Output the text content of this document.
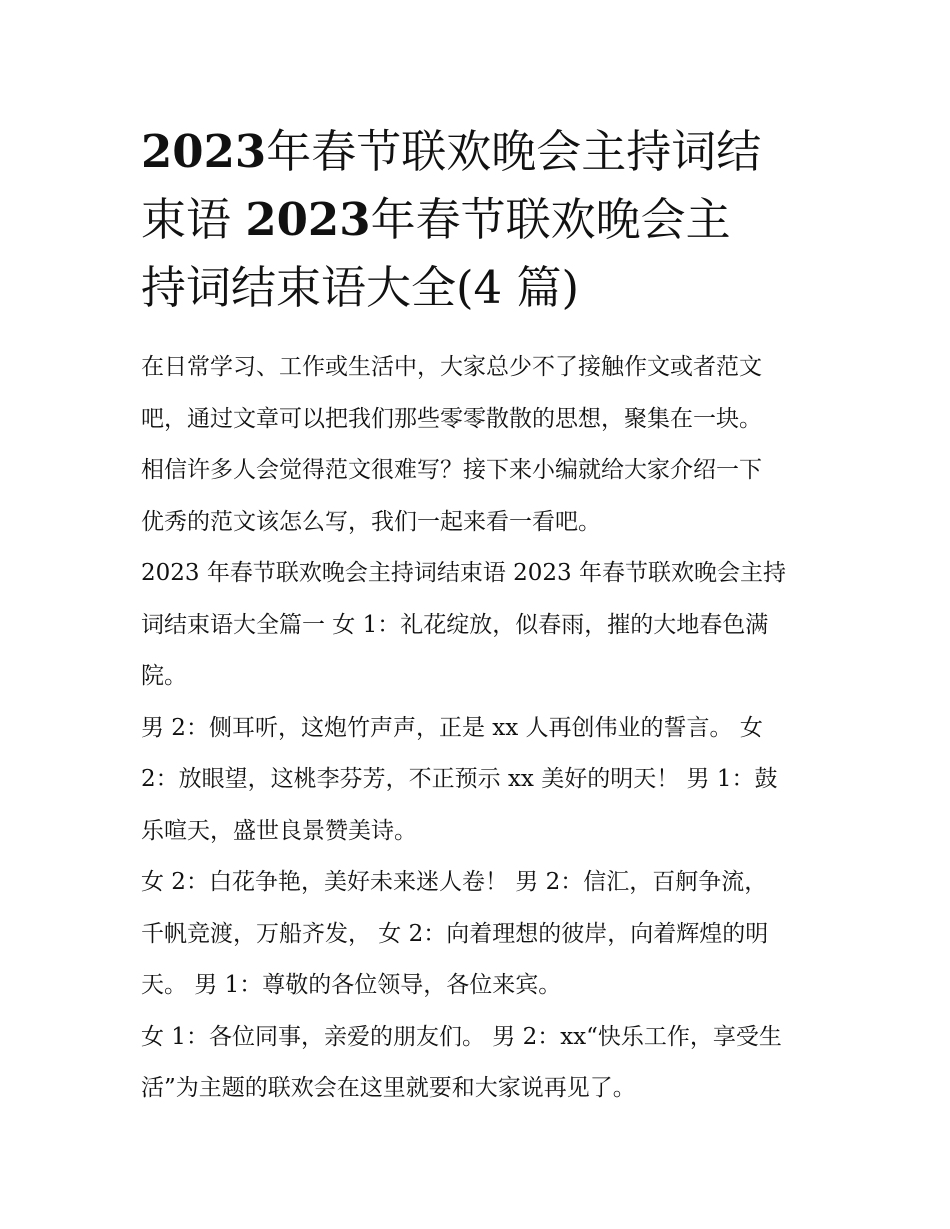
2023年春节联欢晚会主持词结
束语 2023年春节联欢晚会主
持词结束语大全(4 篇)

在日常学习、工作或生活中，大家总少不了接触作文或者范文
吧，通过文章可以把我们那些零零散散的思想，聚集在一块。
相信许多人会觉得范文很难写？接下来小编就给大家介绍一下
优秀的范文该怎么写，我们一起来看一看吧。

2023 年春节联欢晚会主持词结束语 2023 年春节联欢晚会主持
词结束语大全篇一 女 1：礼花绽放，似春雨，摧的大地春色满
院。

男 2：侧耳听，这炮竹声声，正是 xx 人再创伟业的誓言。 女
2：放眼望，这桃李芬芳，不正预示 xx 美好的明天！ 男 1：鼓
乐喧天，盛世良景赞美诗。

女 2：白花争艳，美好未来迷人卷！ 男 2：信汇，百舸争流，
千帆竞渡，万船齐发， 女 2：向着理想的彼岸，向着辉煌的明
天。 男 1：尊敬的各位领导，各位来宾。

女 1：各位同事，亲爱的朋友们。 男 2：xx“快乐工作，享受生
活”为主题的联欢会在这里就要和大家说再见了。
